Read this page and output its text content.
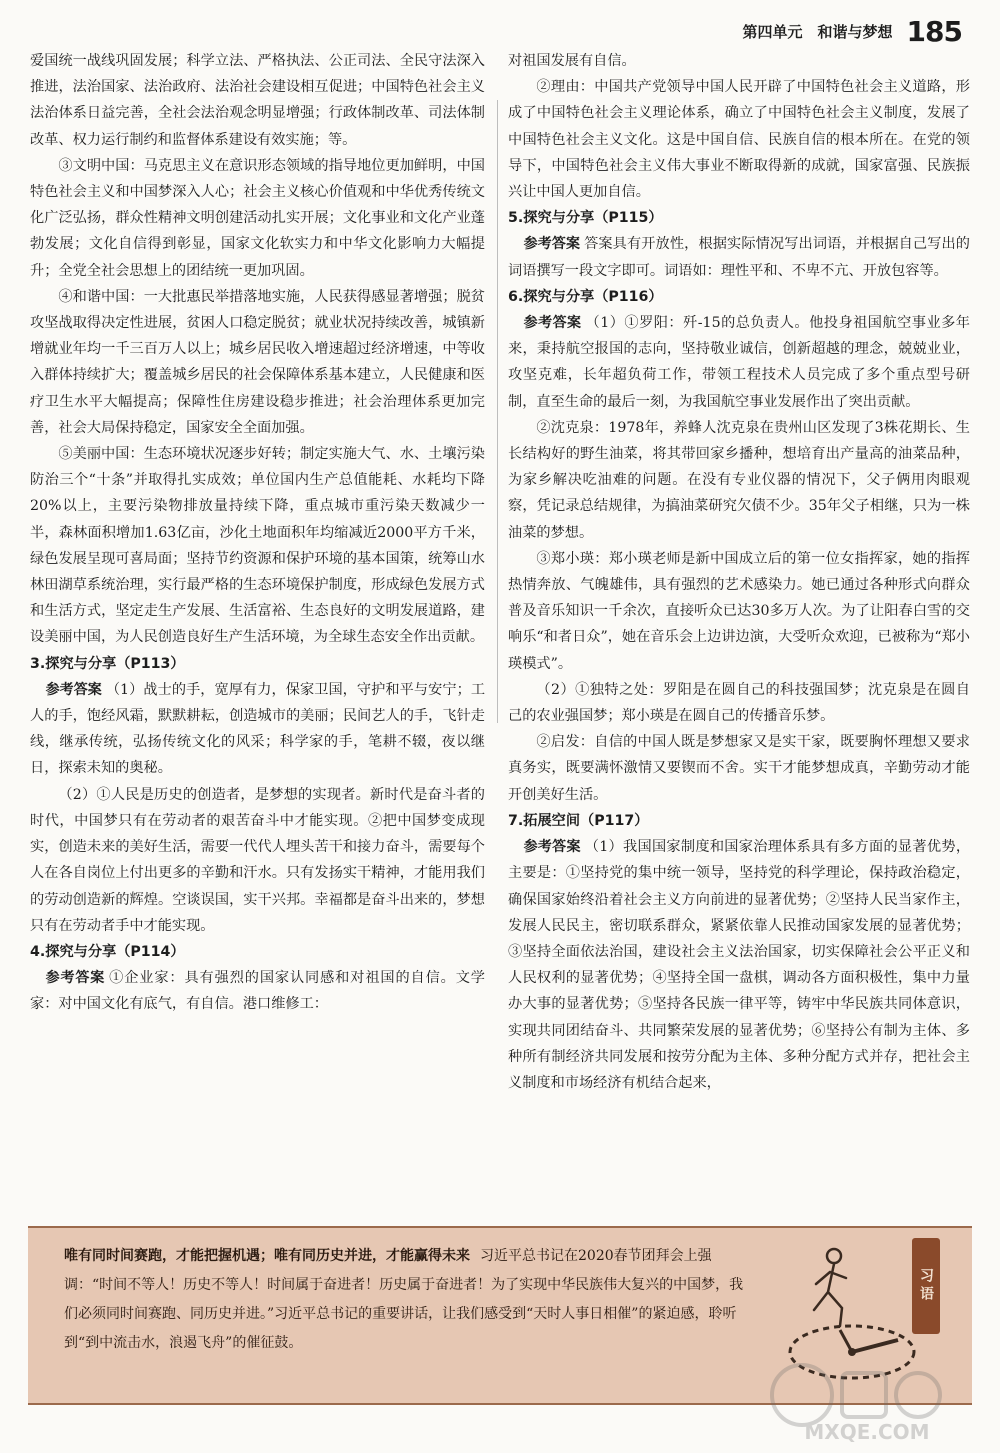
第四单元　和谐与梦想 185

爱国统一战线巩固发展；科学立法、严格执法、公正司法、全民守法深入推进，法治国家、法治政府、法治社会建设相互促进；中国特色社会主义法治体系日益完善，全社会法治观念明显增强；行政体制改革、司法体制改革、权力运行制约和监督体系建设有效实施；等。

③文明中国：马克思主义在意识形态领域的指导地位更加鲜明，中国特色社会主义和中国梦深入人心；社会主义核心价值观和中华优秀传统文化广泛弘扬，群众性精神文明创建活动扎实开展；文化事业和文化产业蓬勃发展；文化自信得到彰显，国家文化软实力和中华文化影响力大幅提升；全党全社会思想上的团结统一更加巩固。

④和谐中国：一大批惠民举措落地实施，人民获得感显著增强；脱贫攻坚战取得决定性进展，贫困人口稳定脱贫；就业状况持续改善，城镇新增就业年均一千三百万人以上；城乡居民收入增速超过经济增速，中等收入群体持续扩大；覆盖城乡居民的社会保障体系基本建立，人民健康和医疗卫生水平大幅提高；保障性住房建设稳步推进；社会治理体系更加完善，社会大局保持稳定，国家安全全面加强。

⑤美丽中国：生态环境状况逐步好转；制定实施大气、水、土壤污染防治三个“十条”并取得扎实成效；单位国内生产总值能耗、水耗均下降20%以上，主要污染物排放量持续下降，重点城市重污染天数减少一半，森林面积增加1.63亿亩，沙化土地面积年均缩减近2000平方千米，绿色发展呈现可喜局面；坚持节约资源和保护环境的基本国策，统筹山水林田湖草系统治理，实行最严格的生态环境保护制度，形成绿色发展方式和生活方式，坚定走生产发展、生活富裕、生态良好的文明发展道路，建设美丽中国，为人民创造良好生产生活环境，为全球生态安全作出贡献。

3.探究与分享（P113）

参考答案 （1）战士的手，宽厚有力，保家卫国，守护和平与安宁；工人的手，饱经风霜，默默耕耘，创造城市的美丽；民间艺人的手，飞针走线，继承传统，弘扬传统文化的风采；科学家的手，笔耕不辍，夜以继日，探索未知的奥秘。

（2）①人民是历史的创造者，是梦想的实现者。新时代是奋斗者的时代，中国梦只有在劳动者的艰苦奋斗中才能实现。②把中国梦变成现实，创造未来的美好生活，需要一代代人埋头苦干和接力奋斗，需要每个人在各自岗位上付出更多的辛勤和汗水。只有发扬实干精神，才能用我们的劳动创造新的辉煌。空谈误国，实干兴邦。幸福都是奋斗出来的，梦想只有在劳动者手中才能实现。

4.探究与分享（P114）

参考答案 ①企业家：具有强烈的国家认同感和对祖国的自信。文学家：对中国文化有底气，有自信。港口维修工：

对祖国发展有自信。

②理由：中国共产党领导中国人民开辟了中国特色社会主义道路，形成了中国特色社会主义理论体系，确立了中国特色社会主义制度，发展了中国特色社会主义文化。这是中国自信、民族自信的根本所在。在党的领导下，中国特色社会主义伟大事业不断取得新的成就，国家富强、民族振兴让中国人更加自信。

5.探究与分享（P115）

参考答案 答案具有开放性，根据实际情况写出词语，并根据自己写出的词语撰写一段文字即可。词语如：理性平和、不卑不亢、开放包容等。

6.探究与分享（P116）

参考答案 （1）①罗阳：歼-15的总负责人。他投身祖国航空事业多年来，秉持航空报国的志向，坚持敬业诚信，创新超越的理念，兢兢业业，攻坚克难，长年超负荷工作，带领工程技术人员完成了多个重点型号研制，直至生命的最后一刻，为我国航空事业发展作出了突出贡献。

②沈克泉：1978年，养蜂人沈克泉在贵州山区发现了3株花期长、生长结构好的野生油菜，将其带回家乡播种，想培育出产量高的油菜品种，为家乡解决吃油难的问题。在没有专业仪器的情况下，父子俩用肉眼观察，凭记录总结规律，为搞油菜研究欠债不少。35年父子相继，只为一株油菜的梦想。

③郑小瑛：郑小瑛老师是新中国成立后的第一位女指挥家，她的指挥热情奔放、气魄雄伟，具有强烈的艺术感染力。她已通过各种形式向群众普及音乐知识一千余次，直接听众已达30多万人次。为了让阳春白雪的交响乐“和者日众”，她在音乐会上边讲边演，大受听众欢迎，已被称为“郑小瑛模式”。

（2）①独特之处：罗阳是在圆自己的科技强国梦；沈克泉是在圆自己的农业强国梦；郑小瑛是在圆自己的传播音乐梦。

②启发：自信的中国人既是梦想家又是实干家，既要胸怀理想又要求真务实，既要满怀激情又要锲而不舍。实干才能梦想成真，辛勤劳动才能开创美好生活。

7.拓展空间（P117）

参考答案 （1）我国国家制度和国家治理体系具有多方面的显著优势，主要是：①坚持党的集中统一领导，坚持党的科学理论，保持政治稳定，确保国家始终沿着社会主义方向前进的显著优势；②坚持人民当家作主，发展人民民主，密切联系群众，紧紧依靠人民推动国家发展的显著优势；③坚持全面依法治国，建设社会主义法治国家，切实保障社会公平正义和人民权利的显著优势；④坚持全国一盘棋，调动各方面积极性，集中力量办大事的显著优势；⑤坚持各民族一律平等，铸牢中华民族共同体意识，实现共同团结奋斗、共同繁荣发展的显著优势；⑥坚持公有制为主体、多种所有制经济共同发展和按劳分配为主体、多种分配方式并存，把社会主义制度和市场经济有机结合起来，

唯有同时间赛跑，才能把握机遇；唯有同历史并进，才能赢得未来 习近平总书记在2020春节团拜会上强调：“时间不等人！历史不等人！时间属于奋进者！历史属于奋进者！为了实现中华民族伟大复兴的中国梦，我们必须同时间赛跑、同历史并进。”习近平总书记的重要讲话，让我们感受到“天时人事日相催”的紧迫感，聆听到“到中流击水，浪遏飞舟”的催征鼓。
习语
MXQE.COM
